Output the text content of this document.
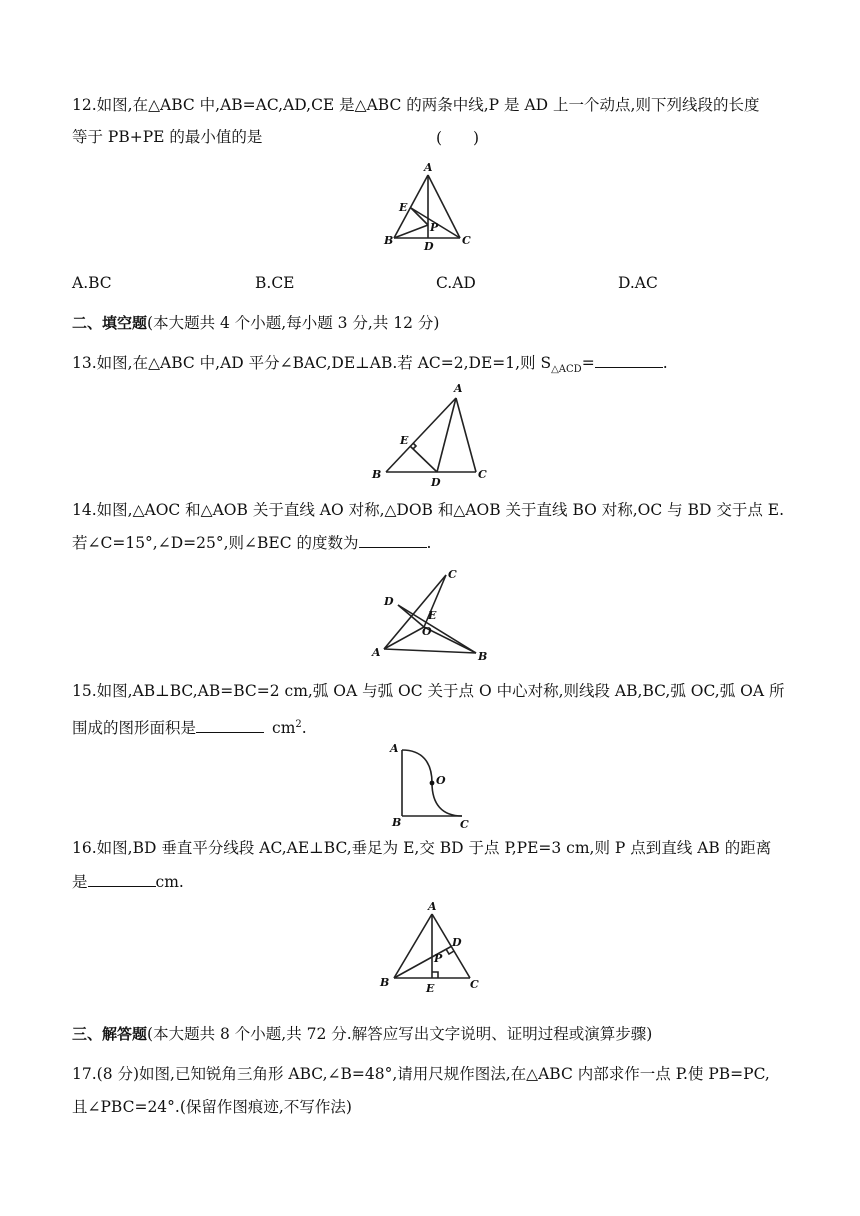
12.如图,在△ABC 中,AB=AC,AD,CE 是△ABC 的两条中线,P 是 AD 上一个动点,则下列线段的长度
等于 PB+PE 的最小值的是	(　　)
A
E
P
B	D	C
A.BC	B.CE	C.AD	D.AC
二、填空题(本大题共 4 个小题,每小题 3 分,共 12 分)
13.如图,在△ABC 中,AD 平分∠BAC,DE⊥AB.若 AC=2,DE=1,则 $S_{\triangle ACD}=$	.
A
E
B
D
C
14.如图,△AOC 和△AOB 关于直线 AO 对称,△DOB 和△AOB 关于直线 BO 对称,OC 与 BD 交于点 E.
若∠C=15°,∠D=25°,则∠BEC 的度数为	.
C
D
E
O
A	B
15.如图,AB⊥BC,AB=BC=2 cm,弧 OA 与弧 OC 关于点 O 中心对称,则线段 AB,BC,弧 OC,弧 OA 所
围成的图形面积是	$cm^2$.
A
O
B	C
16.如图,BD 垂直平分线段 AC,AE⊥BC,垂足为 E,交 BD 于点 P,PE=3 cm,则 P 点到直线 AB 的距离
是	cm.
A
D
P
B	E	C
三、解答题(本大题共 8 个小题,共 72 分.解答应写出文字说明、证明过程或演算步骤)
17.(8 分)如图,已知锐角三角形 ABC,∠B=48°,请用尺规作图法,在△ABC 内部求作一点 P.使 PB=PC,
且∠PBC=24°.(保留作图痕迹,不写作法)
